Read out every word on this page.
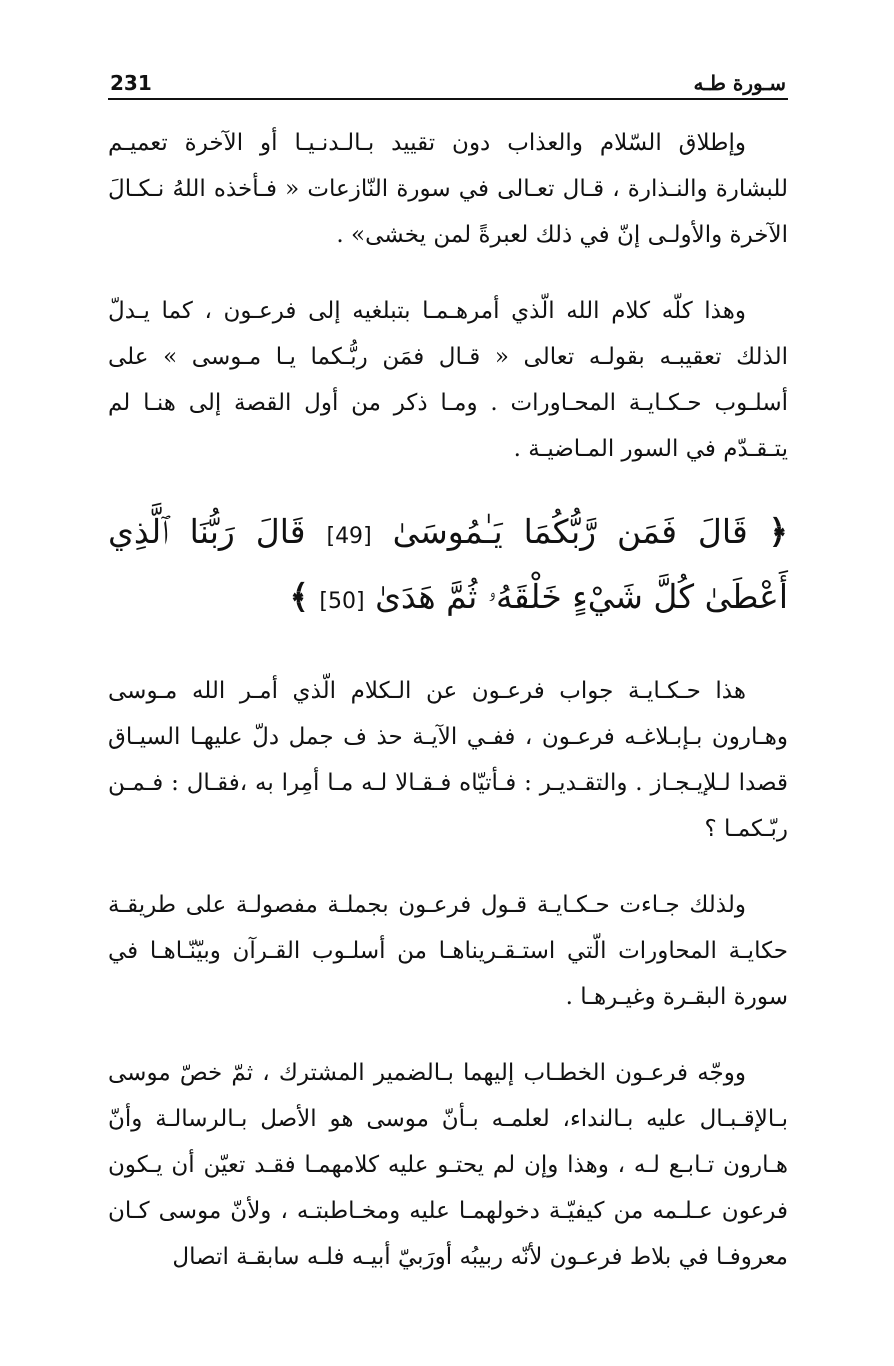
231	سـورة طـه

وإطلاق السّلام والعذاب دون تقييد بـالـدنـيـا أو الآخرة تعميـم للبشارة والنـذارة ، قـال تعـالى في سورة النّازعات « فـأخذه اللهُ نـكـالَ الآخرة والأولـى إنّ في ذلك لعبرةً لمن يخشى» .

وهذا كلّه كلام الله الّذي أمرهـمـا بتبلغيه إلى فرعـون ، كما يـدلّ الذلك تعقيبـه بقولـه تعالى « قـال فمَن ربُّـكما يـا مـوسى » على أسلـوب حـكـايـة المحـاورات . ومـا ذكر من أول القصة إلى هنـا لم يتـقـدّم في السور المـاضيـة .

﴿ قَالَ فَمَن رَّبُّكُمَا يَـٰمُوسَىٰ [49] قَالَ رَبُّنَا ٱلَّذِي أَعْطَىٰ كُلَّ شَيْءٍ خَلْقَهُۥ ثُمَّ هَدَىٰ [50] ﴾

هذا حـكـايـة جواب فرعـون عن الـكلام الّذي أمـر الله مـوسى وهـارون بـإبـلاغـه فرعـون ، ففـي الآيـة حذ ف جمل دلّ عليهـا السيـاق قصدا لـلإيـجـاز . والتقـديـر : فـأتيّاه فـقـالا لـه مـا أمِرا به ،فقـال : فـمـن ربّـكمـا ؟

ولذلك جـاءت حـكـايـة قـول فرعـون بجملـة مفصولـة على طريقـة حكايـة المحاورات الّتي استـقـريناهـا من أسلـوب القـرآن وبيّنّـاهـا في سورة البقـرة وغيـرهـا .

ووجّه فرعـون الخطـاب إليهما بـالضمير المشترك ، ثمّ خصّ موسى بـالإقـبـال عليه بـالنداء، لعلمـه بـأنّ موسى هو الأصل بـالرسالـة وأنّ هـارون تـابـع لـه ، وهذا وإن لم يحتـو عليه كلامهمـا فقـد تعيّن أن يـكون فرعون عـلـمه من كيفيّـة دخولهمـا عليه ومخـاطبتـه ، ولأنّ موسى كـان معروفـا في بلاط فرعـون لأنّه ربيبُه أورَبيّ أبيـه فلـه سابقـة اتصال
